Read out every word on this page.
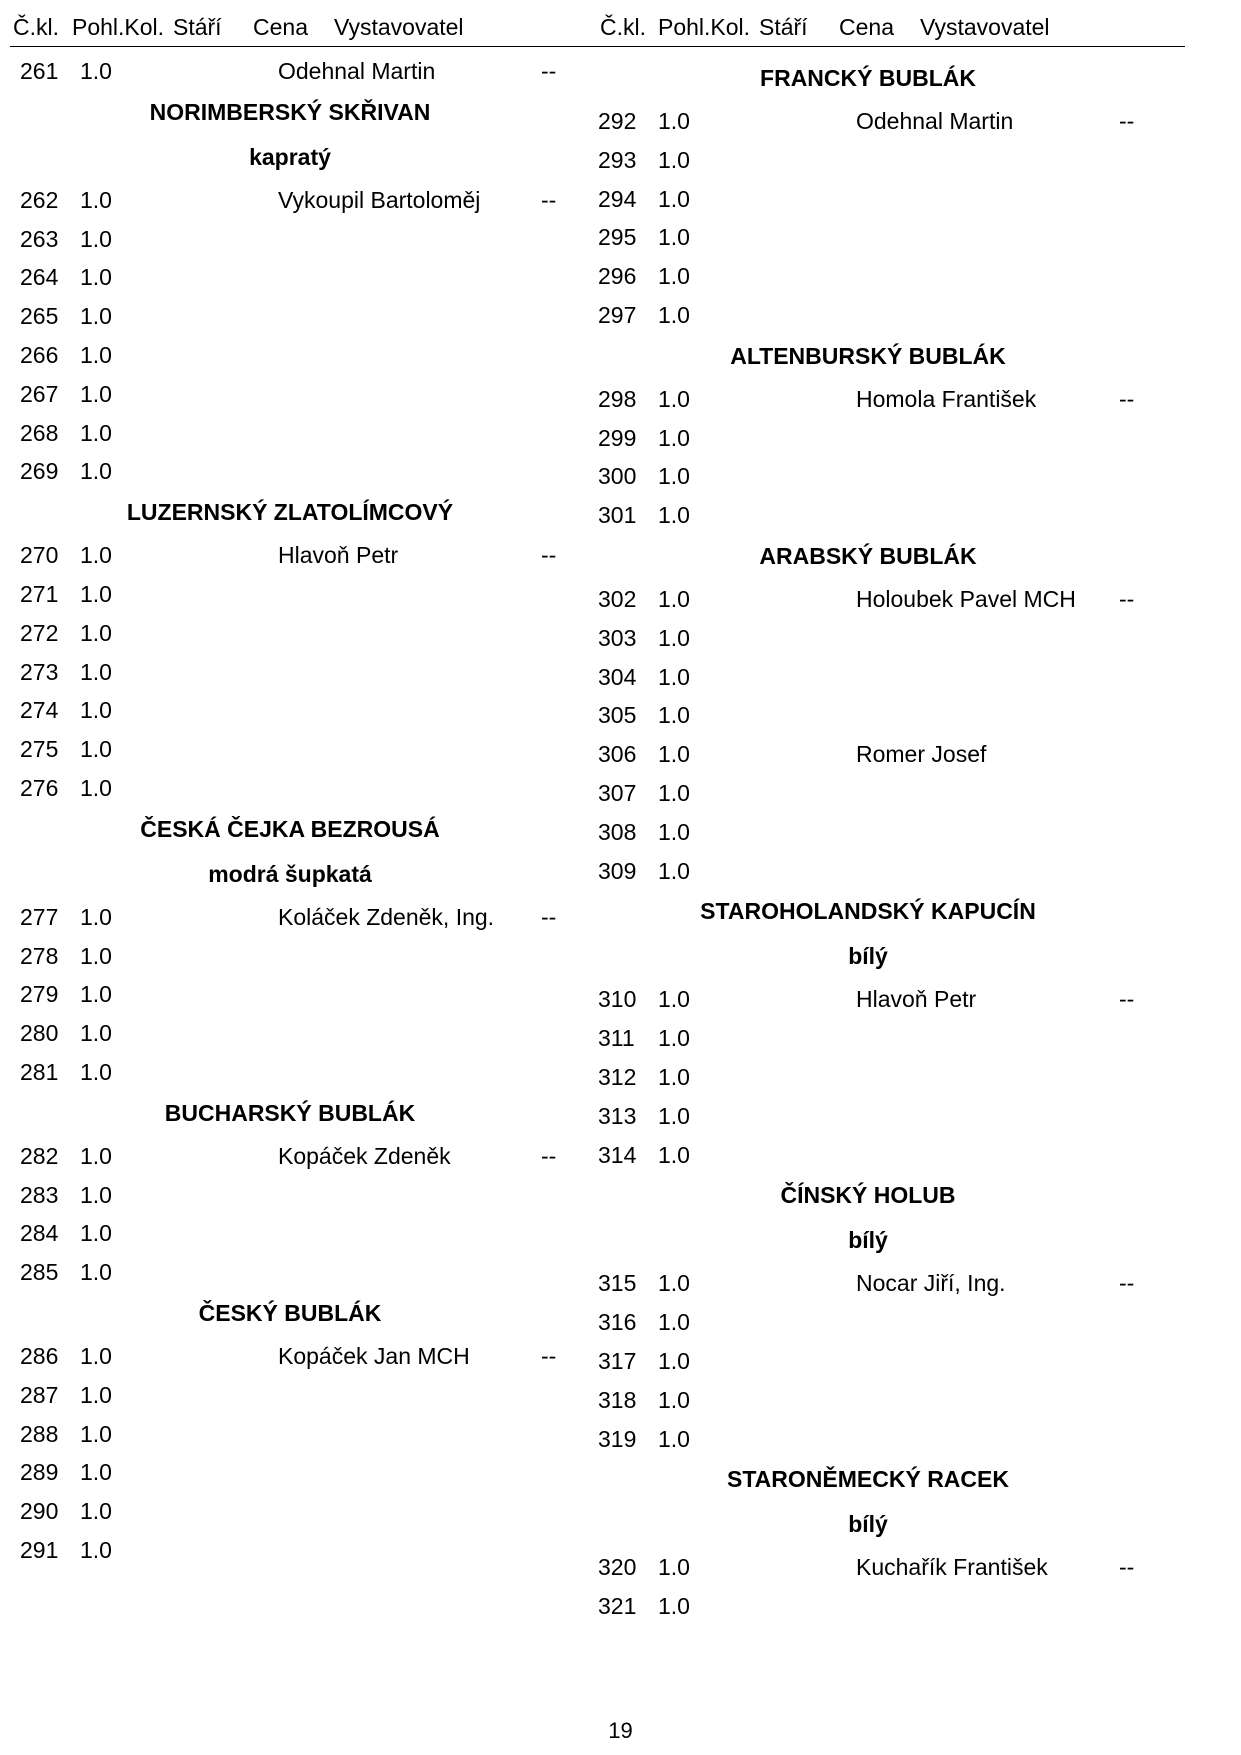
Č.kl. Pohl.Kol. Stáří Cena Vystavovatel	Č.kl. Pohl.Kol. Stáří Cena Vystavovatel
261 1.0	Odehnal Martin	--
NORIMBERSKÝ SKŘIVAN
kapratý
262 1.0	Vykoupil Bartoloměj	--
263 1.0
264 1.0
265 1.0
266 1.0
267 1.0
268 1.0
269 1.0
LUZERNSKÝ ZLATOLÍMCOVÝ
270 1.0	Hlavoň Petr	--
271 1.0
272 1.0
273 1.0
274 1.0
275 1.0
276 1.0
ČESKÁ ČEJKA BEZROUSÁ
modrá šupkatá
277 1.0	Koláček Zdeněk, Ing. --
278 1.0
279 1.0
280 1.0
281 1.0
BUCHARSKÝ BUBLÁK
282 1.0	Kopáček Zdeněk	--
283 1.0
284 1.0
285 1.0
ČESKÝ BUBLÁK
286 1.0	Kopáček Jan MCH	--
287 1.0
288 1.0
289 1.0
290 1.0
291 1.0
FRANCKÝ BUBLÁK
292 1.0	Odehnal Martin	--
293 1.0
294 1.0
295 1.0
296 1.0
297 1.0
ALTENBURSKÝ BUBLÁK
298 1.0	Homola František	--
299 1.0
300 1.0
301 1.0
ARABSKÝ BUBLÁK
302 1.0	Holoubek Pavel MCH --
303 1.0
304 1.0
305 1.0
306 1.0	Romer Josef
307 1.0
308 1.0
309 1.0
STAROHOLANDSKÝ KAPUCÍN
bílý
310 1.0	Hlavoň Petr	--
311 1.0
312 1.0
313 1.0
314 1.0
ČÍNSKÝ HOLUB
bílý
315 1.0	Nocar Jiří, Ing.	--
316 1.0
317 1.0
318 1.0
319 1.0
STARONĚMECKÝ RACEK
bílý
320 1.0	Kuchařík František	--
321 1.0
19
